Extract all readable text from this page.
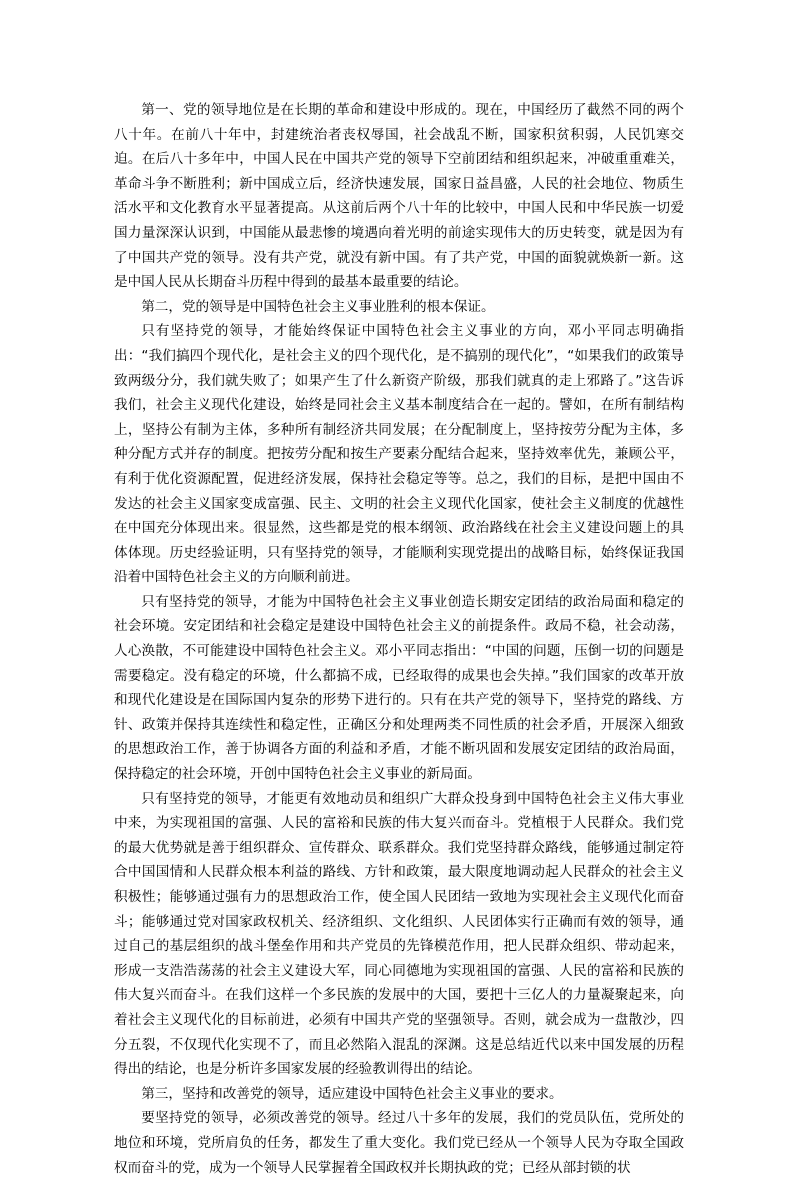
第一、党的领导地位是在长期的革命和建设中形成的。现在，中国经历了截然不同的两个八十年。在前八十年中，封建统治者丧权辱国，社会战乱不断，国家积贫积弱，人民饥寒交迫。在后八十多年中，中国人民在中国共产党的领导下空前团结和组织起来，冲破重重难关，革命斗争不断胜利；新中国成立后，经济快速发展，国家日益昌盛，人民的社会地位、物质生活水平和文化教育水平显著提高。从这前后两个八十年的比较中，中国人民和中华民族一切爱国力量深深认识到，中国能从最悲惨的境遇向着光明的前途实现伟大的历史转变，就是因为有了中国共产党的领导。没有共产党，就没有新中国。有了共产党，中国的面貌就焕新一新。这是中国人民从长期奋斗历程中得到的最基本最重要的结论。

第二，党的领导是中国特色社会主义事业胜利的根本保证。

只有坚持党的领导，才能始终保证中国特色社会主义事业的方向，邓小平同志明确指出：“我们搞四个现代化，是社会主义的四个现代化，是不搞别的现代化”，“如果我们的政策导致两级分分，我们就失败了；如果产生了什么新资产阶级，那我们就真的走上邪路了。”这告诉我们，社会主义现代化建设，始终是同社会主义基本制度结合在一起的。譬如，在所有制结构上，坚持公有制为主体，多种所有制经济共同发展；在分配制度上，坚持按劳分配为主体，多种分配方式并存的制度。把按劳分配和按生产要素分配结合起来，坚持效率优先，兼顾公平，有利于优化资源配置，促进经济发展，保持社会稳定等等。总之，我们的目标，是把中国由不发达的社会主义国家变成富强、民主、文明的社会主义现代化国家，使社会主义制度的优越性在中国充分体现出来。很显然，这些都是党的根本纲领、政治路线在社会主义建设问题上的具体体现。历史经验证明，只有坚持党的领导，才能顺利实现党提出的战略目标，始终保证我国沿着中国特色社会主义的方向顺利前进。

只有坚持党的领导，才能为中国特色社会主义事业创造长期安定团结的政治局面和稳定的社会环境。安定团结和社会稳定是建设中国特色社会主义的前提条件。政局不稳，社会动荡，人心涣散，不可能建设中国特色社会主义。邓小平同志指出：“中国的问题，压倒一切的问题是需要稳定。没有稳定的环境，什么都搞不成，已经取得的成果也会失掉。”我们国家的改革开放和现代化建设是在国际国内复杂的形势下进行的。只有在共产党的领导下，坚持党的路线、方针、政策并保持其连续性和稳定性，正确区分和处理两类不同性质的社会矛盾，开展深入细致的思想政治工作，善于协调各方面的利益和矛盾，才能不断巩固和发展安定团结的政治局面，保持稳定的社会环境，开创中国特色社会主义事业的新局面。

只有坚持党的领导，才能更有效地动员和组织广大群众投身到中国特色社会主义伟大事业中来，为实现祖国的富强、人民的富裕和民族的伟大复兴而奋斗。党植根于人民群众。我们党的最大优势就是善于组织群众、宣传群众、联系群众。我们党坚持群众路线，能够通过制定符合中国国情和人民群众根本利益的路线、方针和政策，最大限度地调动起人民群众的社会主义积极性；能够通过强有力的思想政治工作，使全国人民团结一致地为实现社会主义现代化而奋斗；能够通过党对国家政权机关、经济组织、文化组织、人民团体实行正确而有效的领导，通过自己的基层组织的战斗堡垒作用和共产党员的先锋模范作用，把人民群众组织、带动起来，形成一支浩浩荡荡的社会主义建设大军，同心同德地为实现祖国的富强、人民的富裕和民族的伟大复兴而奋斗。在我们这样一个多民族的发展中的大国，要把十三亿人的力量凝聚起来，向着社会主义现代化的目标前进，必须有中国共产党的坚强领导。否则，就会成为一盘散沙，四分五裂，不仅现代化实现不了，而且必然陷入混乱的深渊。这是总结近代以来中国发展的历程得出的结论，也是分析许多国家发展的经验教训得出的结论。

第三，坚持和改善党的领导，适应建设中国特色社会主义事业的要求。

要坚持党的领导，必须改善党的领导。经过八十多年的发展，我们的党员队伍，党所处的地位和环境，党所肩负的任务，都发生了重大变化。我们党已经从一个领导人民为夺取全国政权而奋斗的党，成为一个领导人民掌握着全国政权并长期执政的党；已经从部封锁的状
